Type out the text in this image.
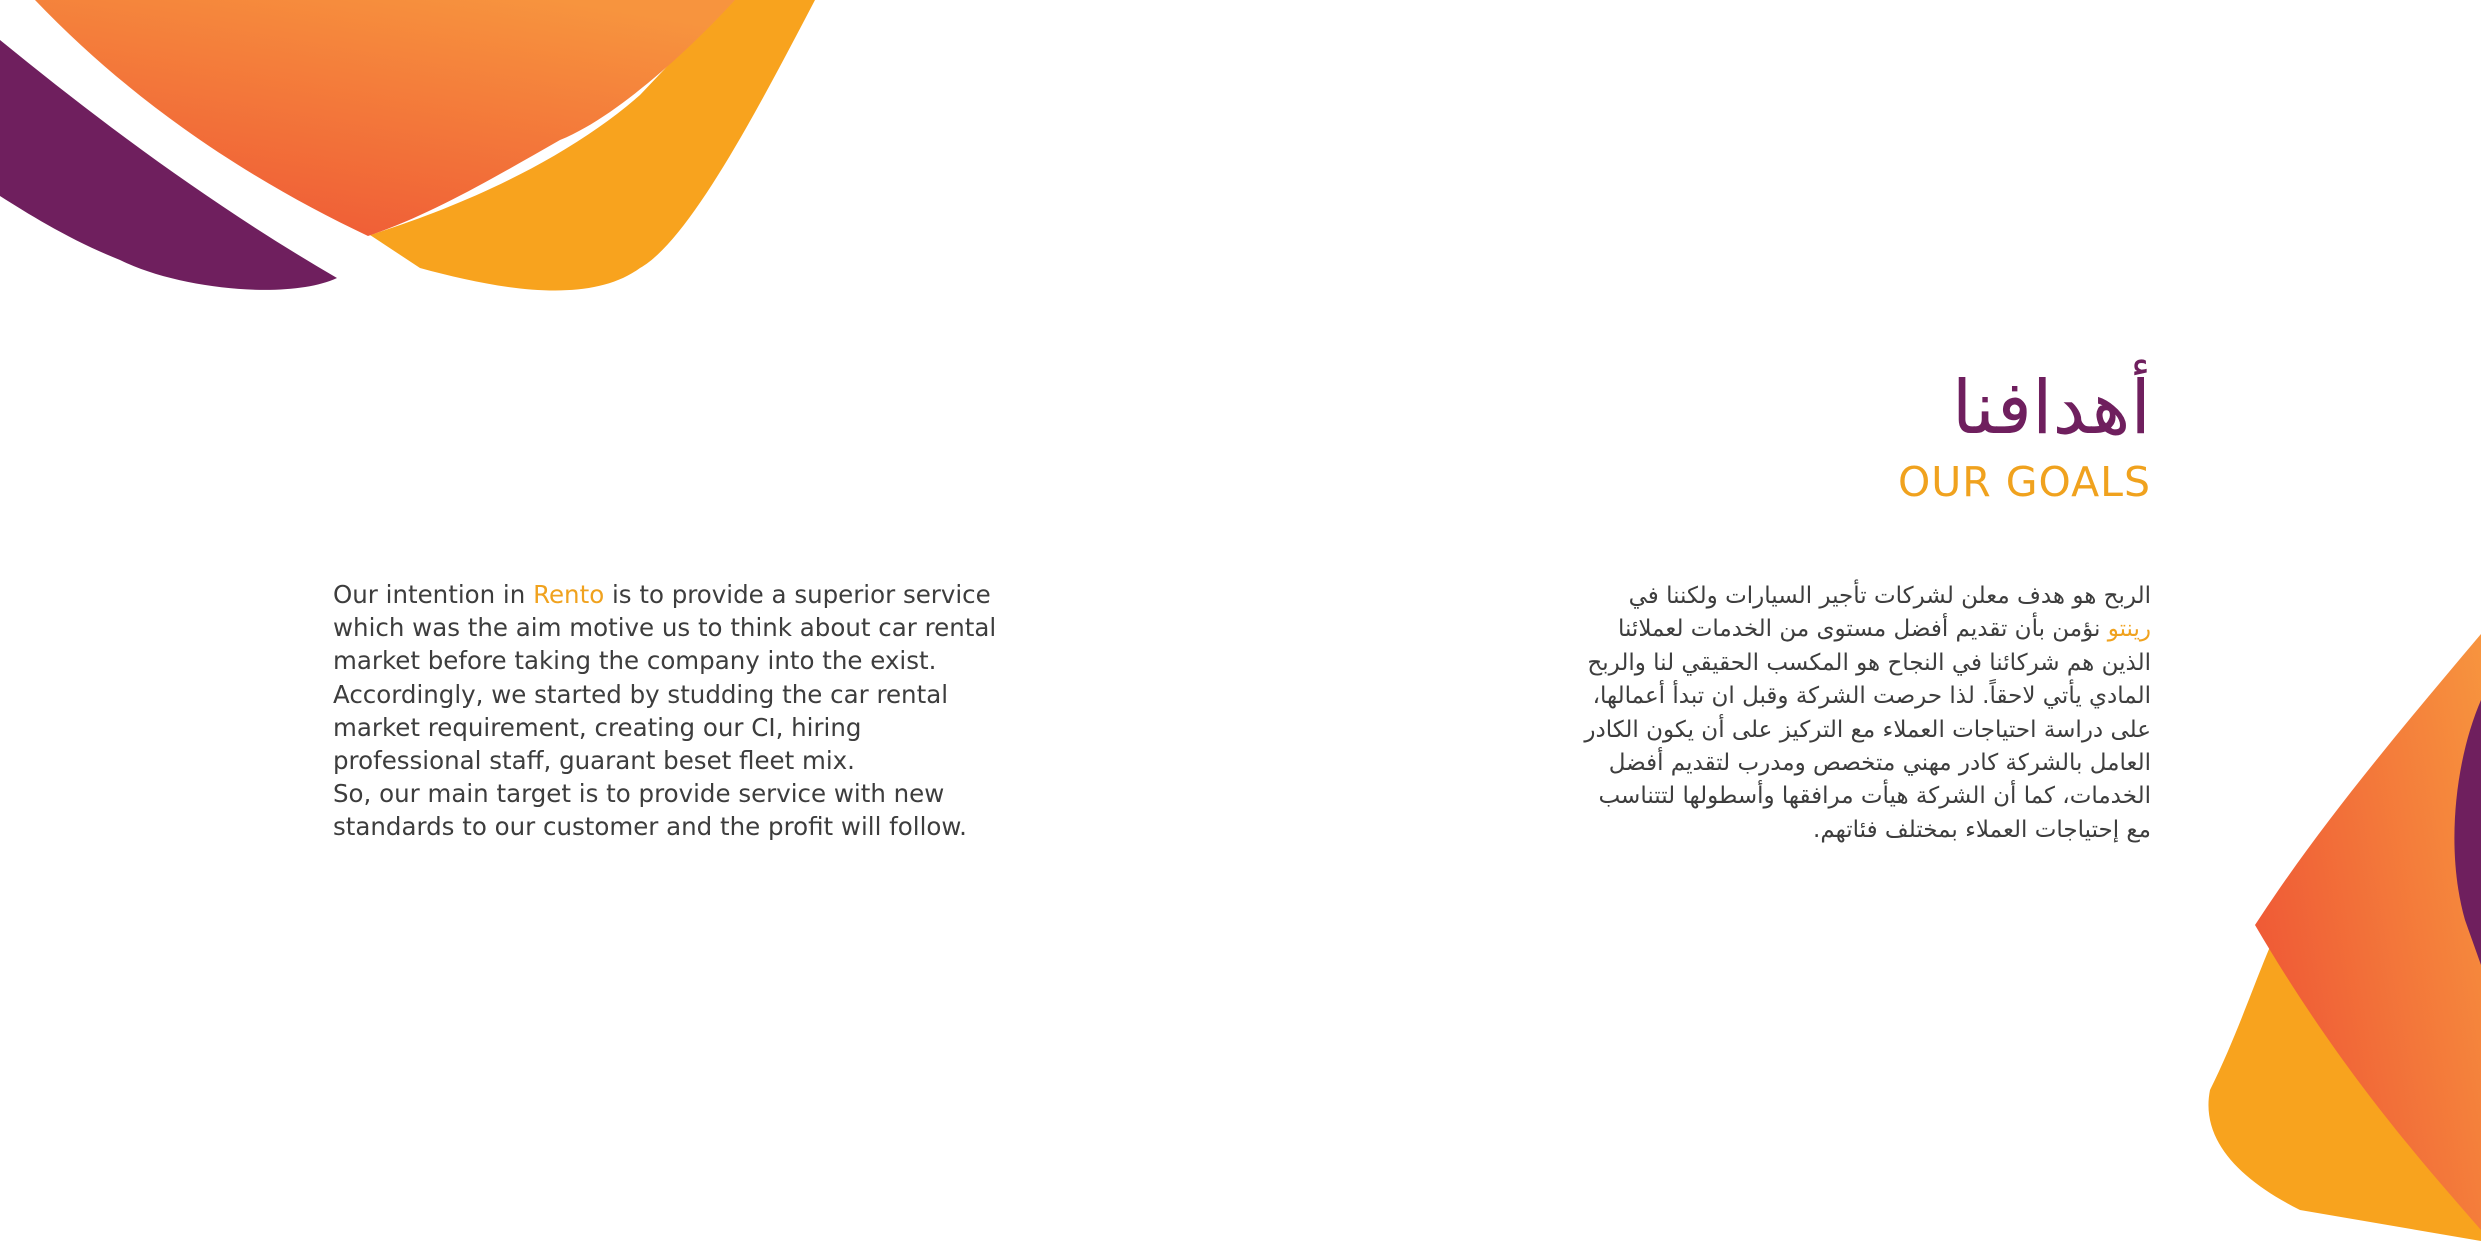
أهدافنا
OUR GOALS
Our intention in Rento is to provide a superior service
which was the aim motive us to think about car rental
market before taking the company into the exist.
Accordingly, we started by studding the car rental
market requirement, creating our CI, hiring
professional staff, guarant beset fleet mix.
So, our main target is to provide service with new
standards to our customer and the profit will follow.
الربح هو هدف معلن لشركات تأجير السيارات ولكننا في
رينتو نؤمن بأن تقديم أفضل مستوى من الخدمات لعملائنا
الذين هم شركائنا في النجاح هو المكسب الحقيقي لنا والربح
المادي يأتي لاحقاً. لذا حرصت الشركة وقبل ان تبدأ أعمالها،
على دراسة احتياجات العملاء مع التركيز على أن يكون الكادر
العامل بالشركة كادر مهني متخصص ومدرب لتقديم أفضل
الخدمات، كما أن الشركة هيأت مرافقها وأسطولها لتتناسب
مع إحتياجات العملاء بمختلف فئاتهم.
